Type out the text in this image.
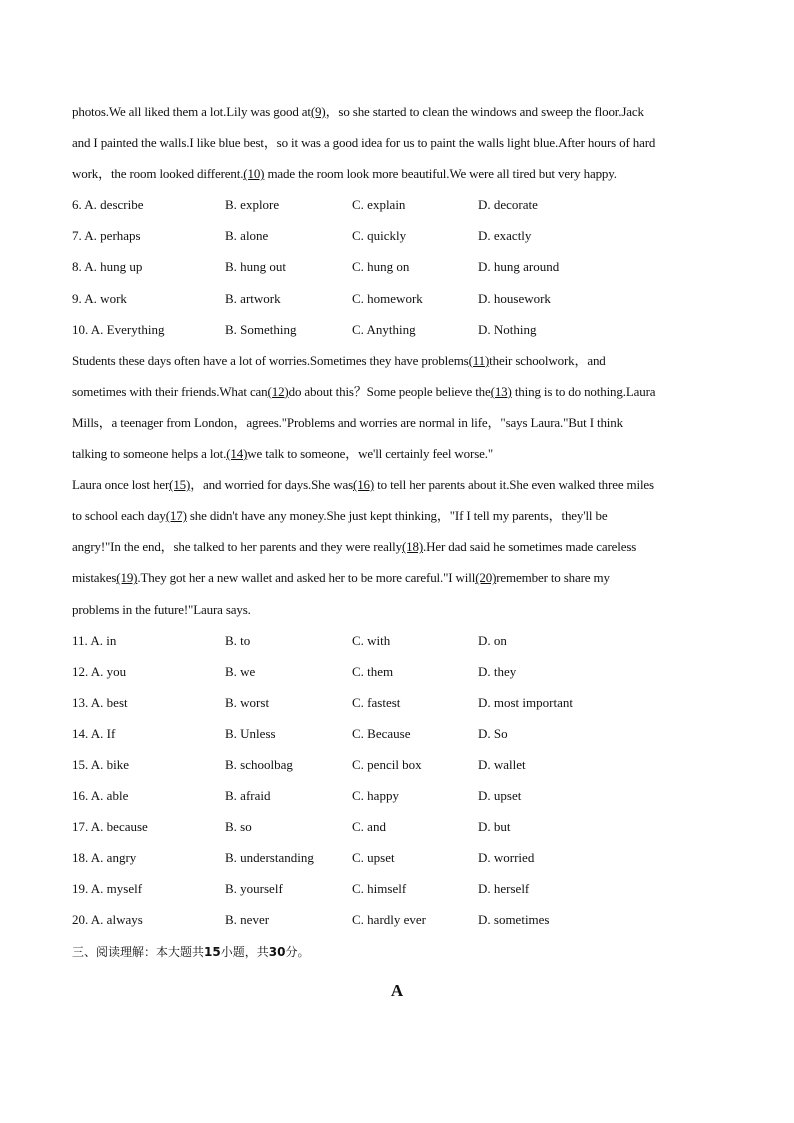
photos.We all liked them a lot.Lily was good at(9)，so she started to clean the windows and sweep the floor.Jack
and I painted the walls.I like blue best，so it was a good idea for us to paint the walls light blue.After hours of hard
work，the room looked different.(10) made the room look more beautiful.We were all tired but very happy.
6. A. describe	B. explore	C. explain	D. decorate
7. A. perhaps	B. alone	C. quickly	D. exactly
8. A. hung up	B. hung out	C. hung on	D. hung around
9. A. work	B. artwork	C. homework	D. housework
10. A. Everything	B. Something	C. Anything	D. Nothing
Students these days often have a lot of worries.Sometimes they have problems(11)their schoolwork，and
sometimes with their friends.What can(12)do about this？Some people believe the(13) thing is to do nothing.Laura
Mills，a teenager from London，agrees."Problems and worries are normal in life，"says Laura."But I think
talking to someone helps a lot.(14)we talk to someone，we'll certainly feel worse."
Laura once lost her(15)，and worried for days.She was(16) to tell her parents about it.She even walked three miles
to school each day(17) she didn't have any money.She just kept thinking，"If I tell my parents，they'll be
angry!"In the end，she talked to her parents and they were really(18).Her dad said he sometimes made careless
mistakes(19).They got her a new wallet and asked her to be more careful."I will(20)remember to share my
problems in the future!"Laura says.
11. A. in	B. to	C. with	D. on
12. A. you	B. we	C. them	D. they
13. A. best	B. worst	C. fastest	D. most important
14. A. If	B. Unless	C. Because	D. So
15. A. bike	B. schoolbag	C. pencil box	D. wallet
16. A. able	B. afraid	C. happy	D. upset
17. A. because	B. so	C. and	D. but
18. A. angry	B. understanding	C. upset	D. worried
19. A. myself	B. yourself	C. himself	D. herself
20. A. always	B. never	C. hardly ever	D. sometimes
三、阅读理解：本大题共15小题，共30分。
A
